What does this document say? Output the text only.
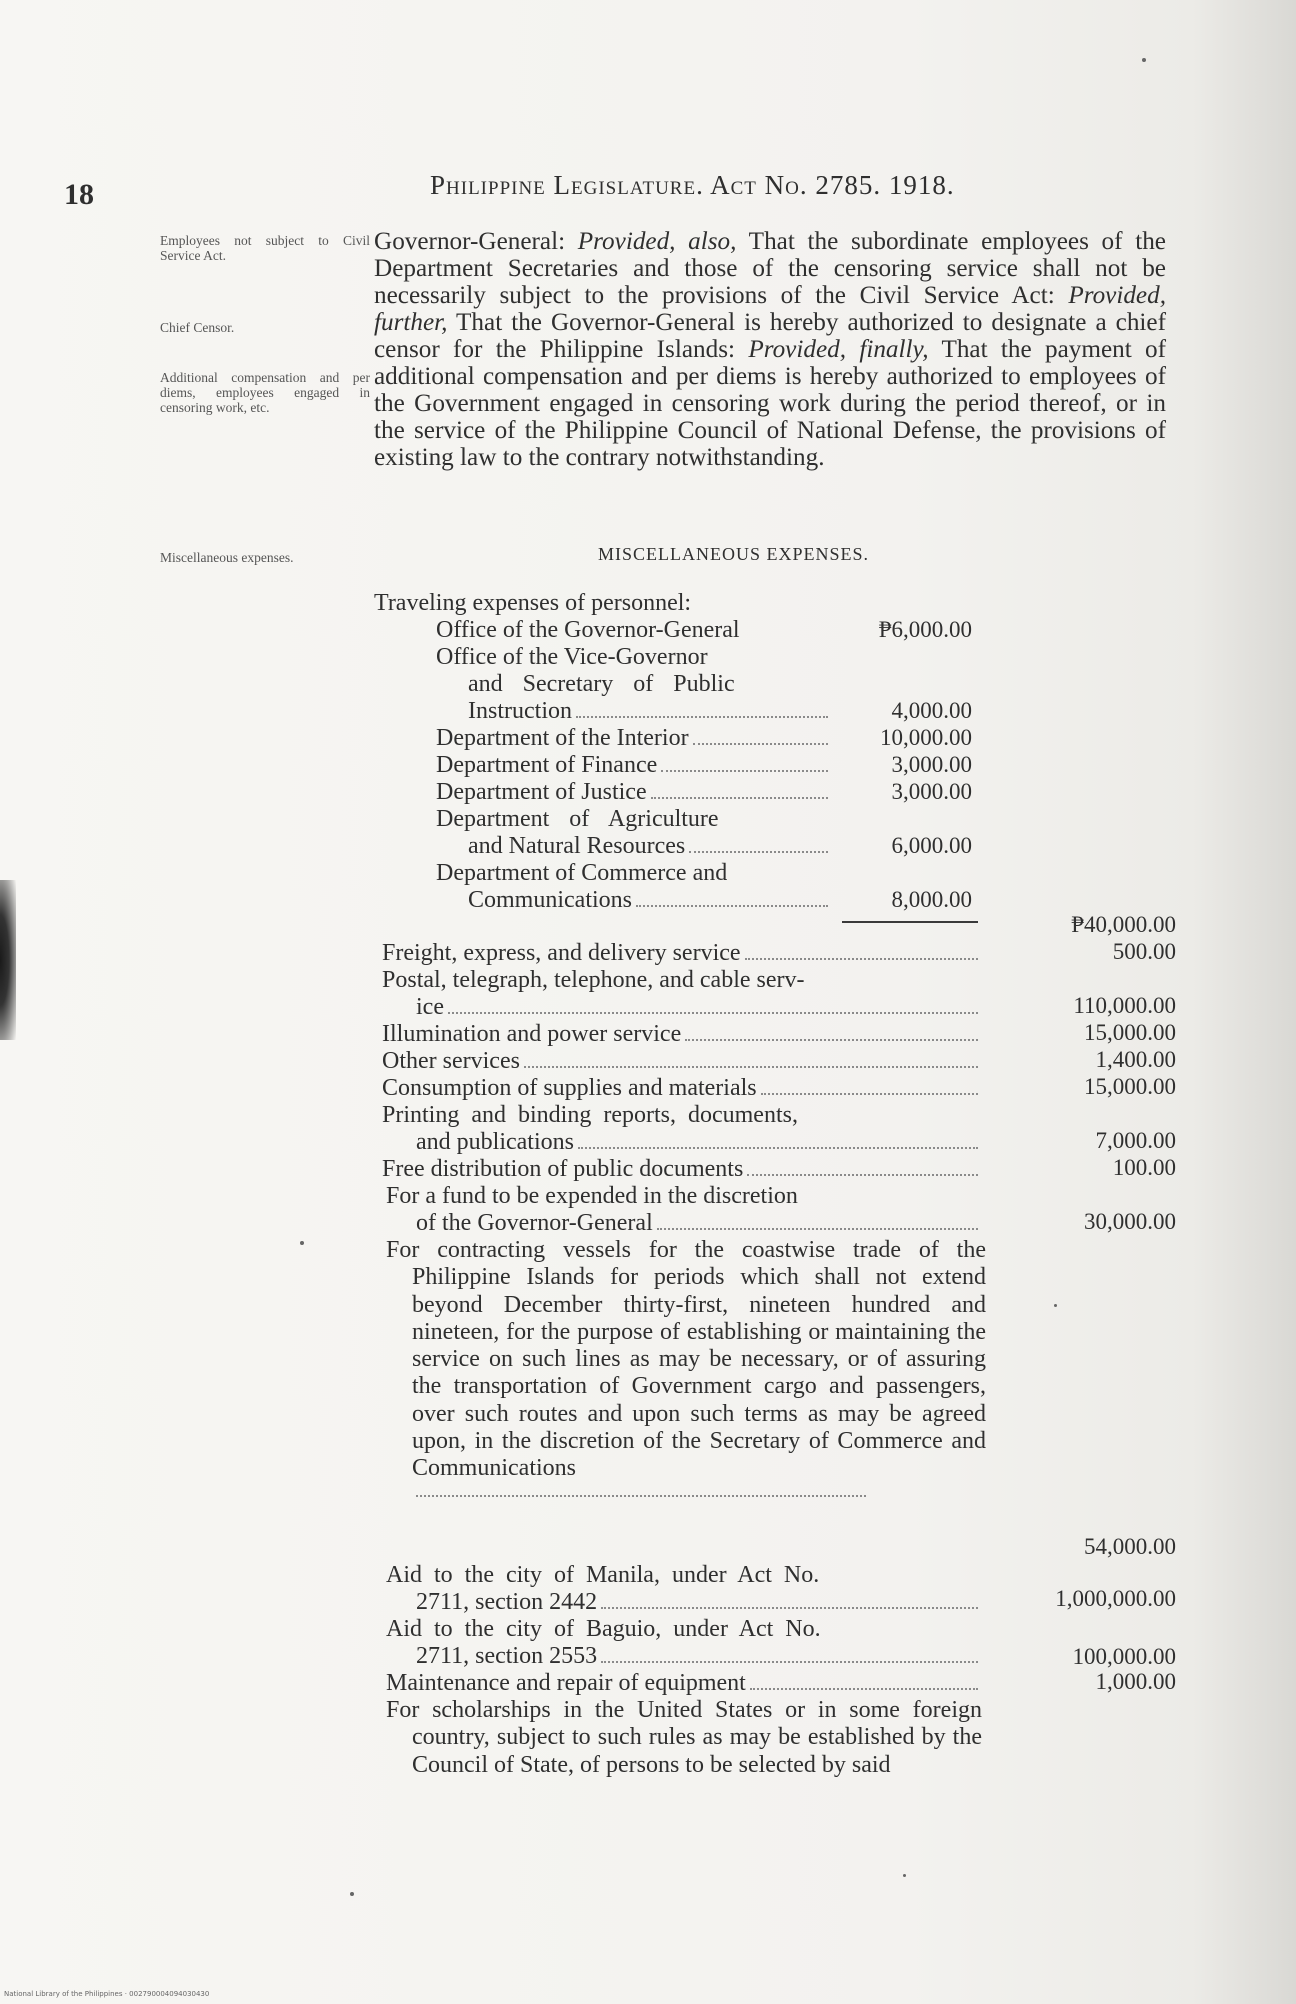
18	Philippine Legislature. Act No. 2785. 1918.
Employees not subject to Civil Service Act.
Chief Censor.
Additional compensation and per diems, employees engaged in censoring work, etc.
Miscellaneous expenses.

Governor-General: Provided, also, That the subordinate employees of the Department Secretaries and those of the censoring service shall not be necessarily subject to the provisions of the Civil Service Act: Provided, further, That the Governor-General is hereby authorized to designate a chief censor for the Philippine Islands: Provided, finally, That the payment of additional compensation and per diems is hereby authorized to employees of the Government engaged in censoring work during the period thereof, or in the service of the Philippine Council of National Defense, the provisions of existing law to the contrary notwithstanding.

MISCELLANEOUS EXPENSES.
Traveling expenses of personnel:
Office of the Governor-General	₱6,000.00
Office of the Vice-Governor
and Secretary of Public
Instruction	4,000.00
Department of the Interior	10,000.00
Department of Finance	3,000.00
Department of Justice	3,000.00
Department of Agriculture
and Natural Resources	6,000.00
Department of Commerce and
Communications	8,000.00
₱40,000.00
Freight, express, and delivery service	500.00
Postal, telegraph, telephone, and cable serv-
ice	110,000.00
Illumination and power service	15,000.00
Other services	1,400.00
Consumption of supplies and materials	15,000.00
Printing and binding reports, documents,
and publications	7,000.00
Free distribution of public documents	100.00
For a fund to be expended in the discretion
of the Governor-General	30,000.00
For contracting vessels for the coastwise trade of the Philippine Islands for periods which shall not extend beyond December thirty-first, nineteen hundred and nineteen, for the purpose of establishing or maintaining the service on such lines as may be necessary, or of assuring the transportation of Government cargo and passengers, over such routes and upon such terms as may be agreed upon, in the discretion of the Secretary of Commerce and Communications
54,000.00
Aid to the city of Manila, under Act No.
2711, section 2442	1,000,000.00
Aid to the city of Baguio, under Act No.
2711, section 2553	100,000.00
Maintenance and repair of equipment	1,000.00
For scholarships in the United States or in some foreign country, subject to such rules as may be established by the Council of State, of persons to be selected by said
National Library of the Philippines · 002790004094030430
